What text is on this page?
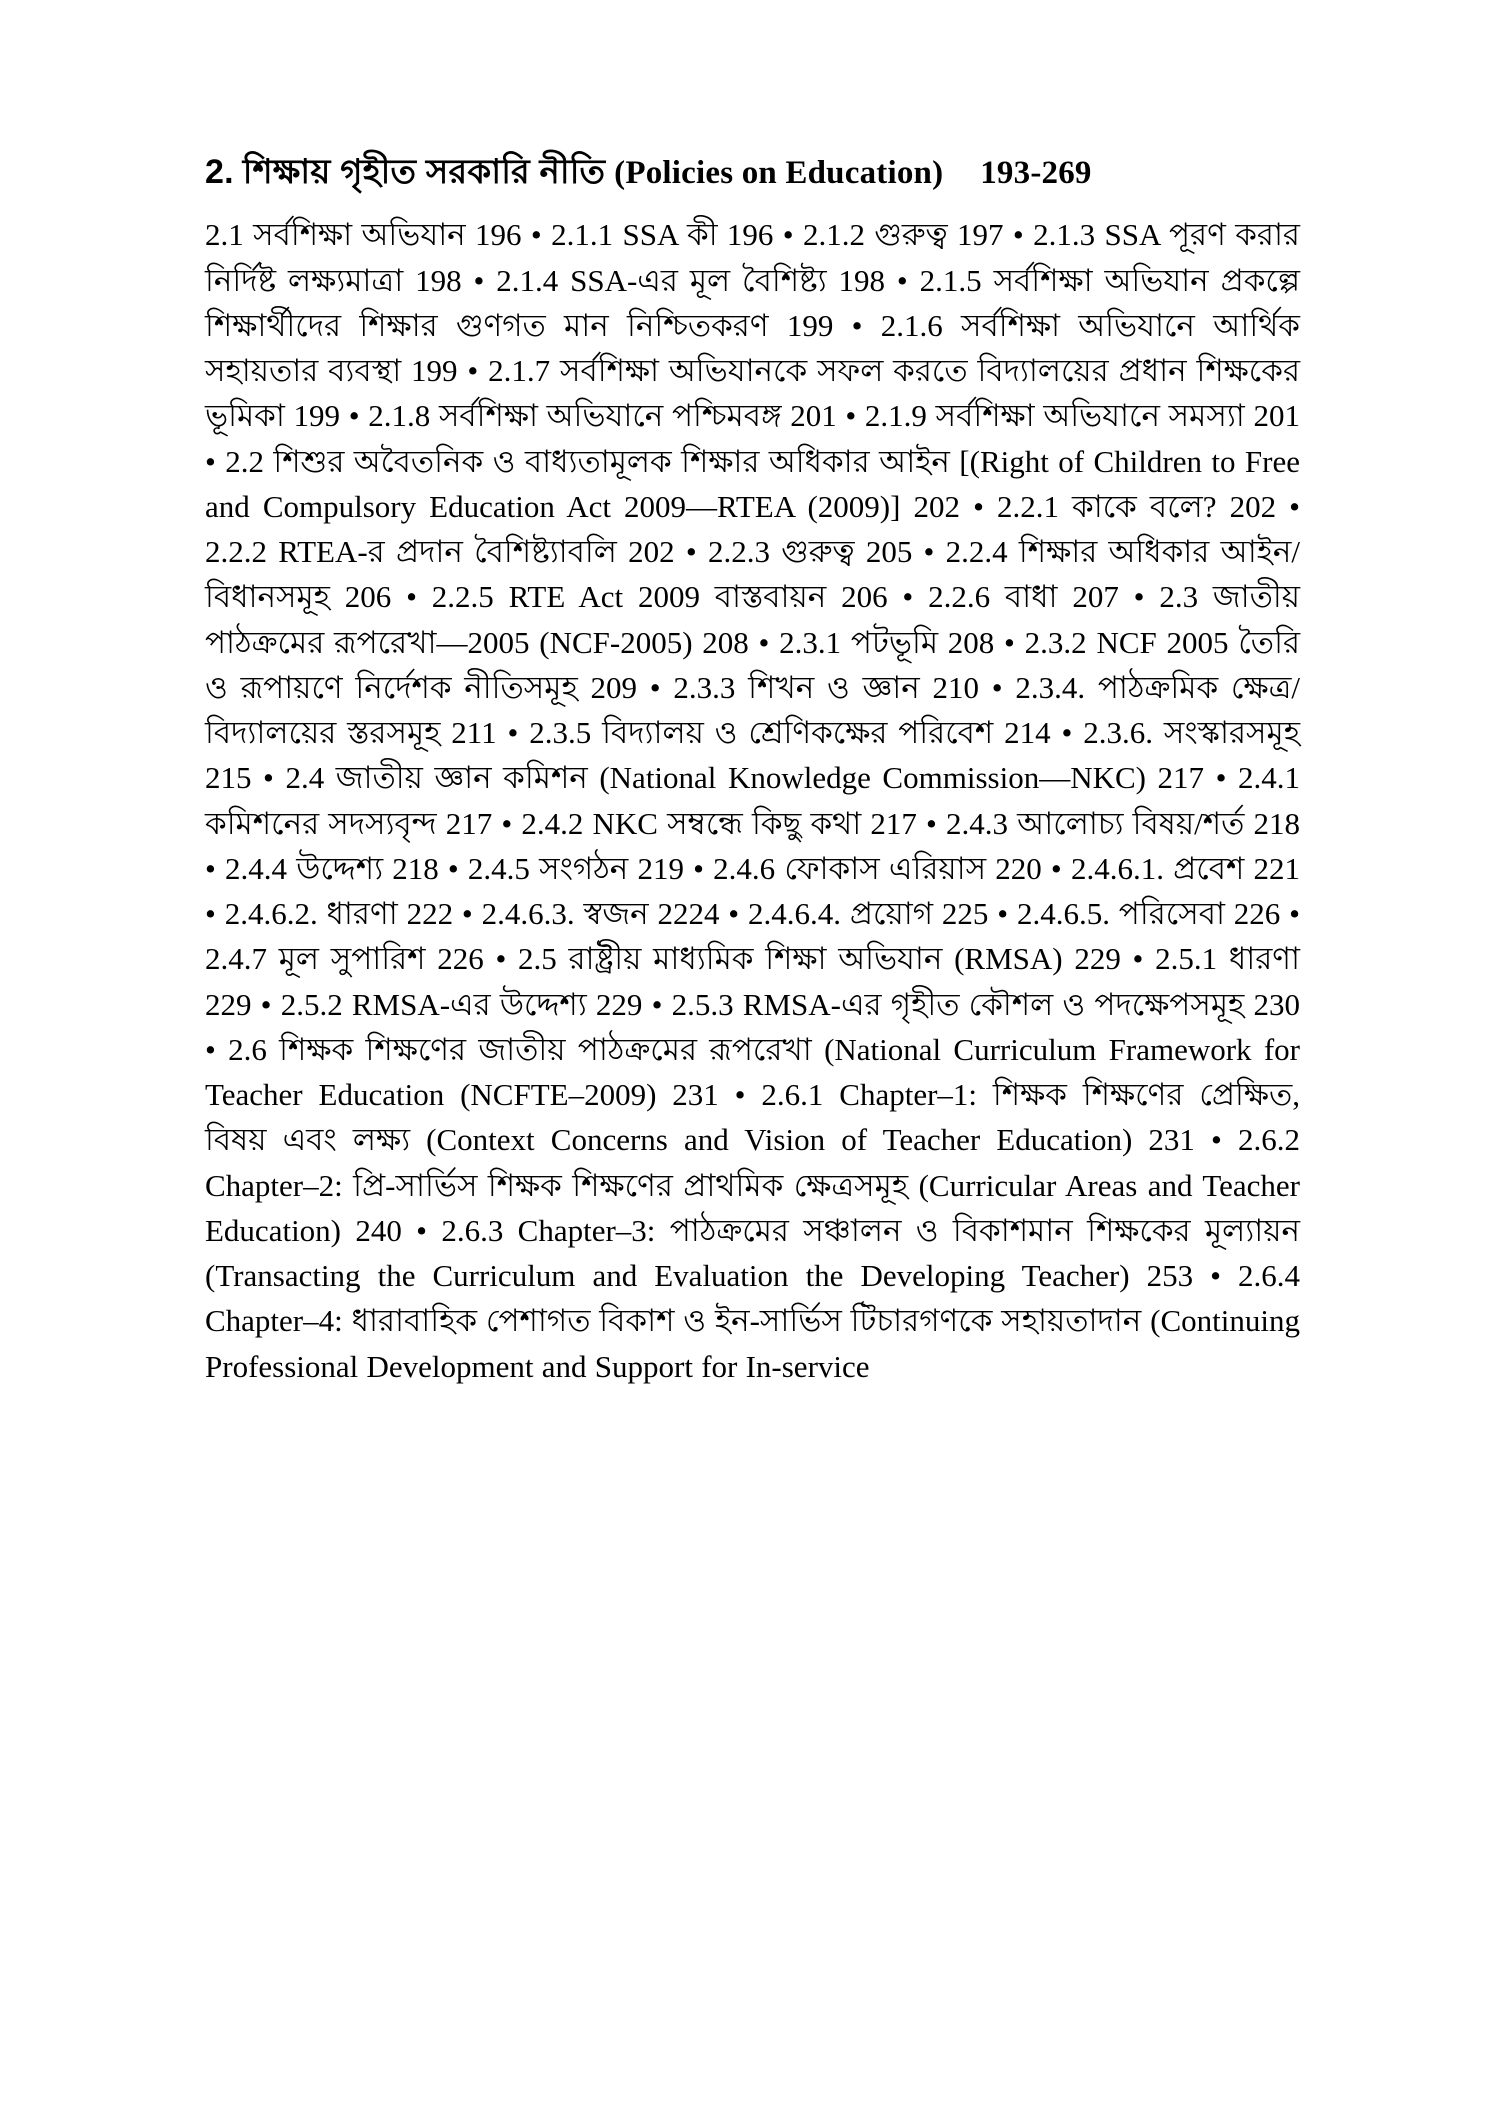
2. শিক্ষায় গৃহীত সরকারি নীতি (Policies on Education) 193-269
2.1 সর্বশিক্ষা অভিযান 196 • 2.1.1 SSA কী 196 • 2.1.2 গুরুত্ব 197 • 2.1.3 SSA পূরণ করার নির্দিষ্ট লক্ষ্যমাত্রা 198 • 2.1.4 SSA-এর মূল বৈশিষ্ট্য 198 • 2.1.5 সর্বশিক্ষা অভিযান প্রকল্পে শিক্ষার্থীদের শিক্ষার গুণগত মান নিশ্চিতকরণ 199 • 2.1.6 সর্বশিক্ষা অভিযানে আর্থিক সহায়তার ব্যবস্থা 199 • 2.1.7 সর্বশিক্ষা অভিযানকে সফল করতে বিদ্যালয়ের প্রধান শিক্ষকের ভূমিকা 199 • 2.1.8 সর্বশিক্ষা অভিযানে পশ্চিমবঙ্গ 201 • 2.1.9 সর্বশিক্ষা অভিযানে সমস্যা 201 • 2.2 শিশুর অবৈতনিক ও বাধ্যতামূলক শিক্ষার অধিকার আইন [(Right of Children to Free and Compulsory Education Act 2009—RTEA (2009)] 202 • 2.2.1 কাকে বলে? 202 • 2.2.2 RTEA-র প্রদান বৈশিষ্ট্যাবলি 202 • 2.2.3 গুরুত্ব 205 • 2.2.4 শিক্ষার অধিকার আইন/বিধানসমূহ 206 • 2.2.5 RTE Act 2009 বাস্তবায়ন 206 • 2.2.6 বাধা 207 • 2.3 জাতীয় পাঠক্রমের রূপরেখা—2005 (NCF-2005) 208 • 2.3.1 পটভূমি 208 • 2.3.2 NCF 2005 তৈরি ও রূপায়ণে নির্দেশক নীতিসমূহ 209 • 2.3.3 শিখন ও জ্ঞান 210 • 2.3.4. পাঠক্রমিক ক্ষেত্র/বিদ্যালয়ের স্তরসমূহ 211 • 2.3.5 বিদ্যালয় ও শ্রেণিকক্ষের পরিবেশ 214 • 2.3.6. সংস্কারসমূহ 215 • 2.4 জাতীয় জ্ঞান কমিশন (National Knowledge Commission—NKC) 217 • 2.4.1 কমিশনের সদস্যবৃন্দ 217 • 2.4.2 NKC সম্বন্ধে কিছু কথা 217 • 2.4.3 আলোচ্য বিষয়/শর্ত 218 • 2.4.4 উদ্দেশ্য 218 • 2.4.5 সংগঠন 219 • 2.4.6 ফোকাস এরিয়াস 220 • 2.4.6.1. প্রবেশ 221 • 2.4.6.2. ধারণা 222 • 2.4.6.3. স্বজন 2224 • 2.4.6.4. প্রয়োগ 225 • 2.4.6.5. পরিসেবা 226 • 2.4.7 মূল সুপারিশ 226 • 2.5 রাষ্ট্রীয় মাধ্যমিক শিক্ষা অভিযান (RMSA) 229 • 2.5.1 ধারণা 229 • 2.5.2 RMSA-এর উদ্দেশ্য 229 • 2.5.3 RMSA-এর গৃহীত কৌশল ও পদক্ষেপসমূহ 230 • 2.6 শিক্ষক শিক্ষণের জাতীয় পাঠক্রমের রূপরেখা (National Curriculum Framework for Teacher Education (NCFTE–2009) 231 • 2.6.1 Chapter–1: শিক্ষক শিক্ষণের প্রেক্ষিত, বিষয় এবং লক্ষ্য (Context Concerns and Vision of Teacher Education) 231 • 2.6.2 Chapter–2: প্রি-সার্ভিস শিক্ষক শিক্ষণের প্রাথমিক ক্ষেত্রসমূহ (Curricular Areas and Teacher Education) 240 • 2.6.3 Chapter–3: পাঠক্রমের সঞ্চালন ও বিকাশমান শিক্ষকের মূল্যায়ন (Transacting the Curriculum and Evaluation the Developing Teacher) 253 • 2.6.4 Chapter–4: ধারাবাহিক পেশাগত বিকাশ ও ইন-সার্ভিস টিচারগণকে সহায়তাদান (Continuing Professional Development and Support for In-service
